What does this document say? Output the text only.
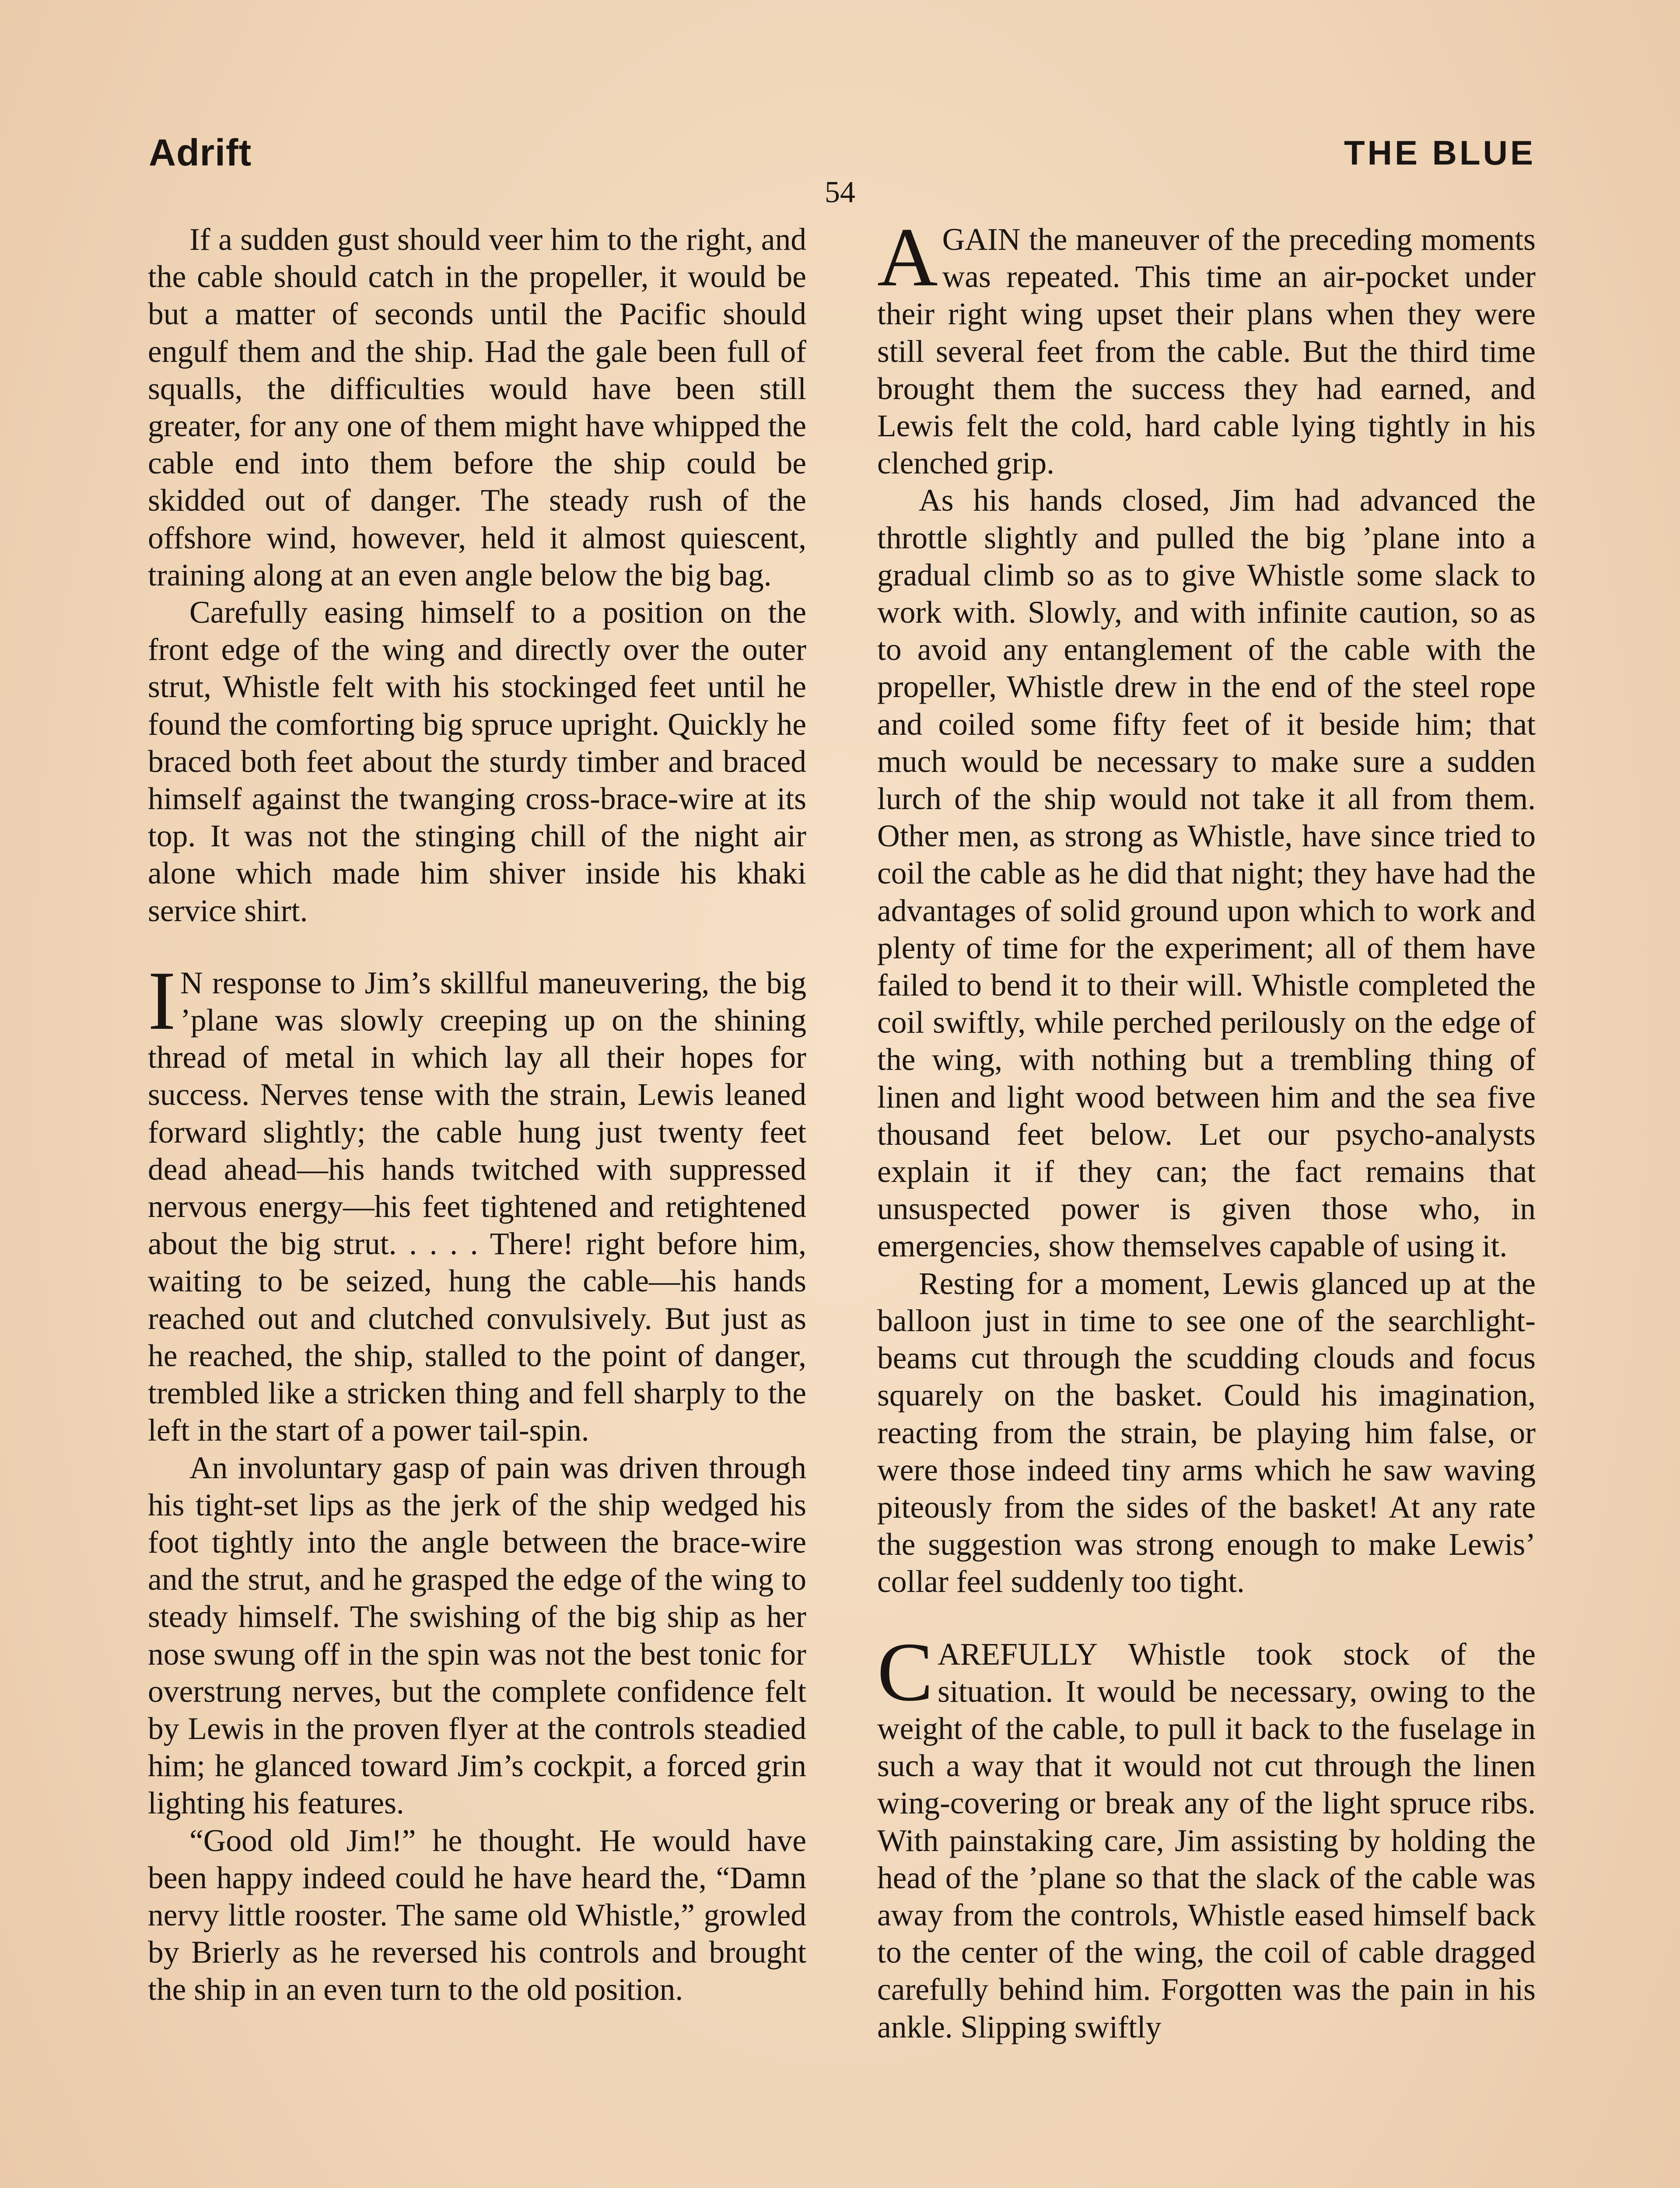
Adrift	THE BLUE
54

If a sudden gust should veer him to the right, and the cable should catch in the propeller, it would be but a matter of seconds until the Pacific should engulf them and the ship. Had the gale been full of squalls, the difficulties would have been still greater, for any one of them might have whipped the cable end into them before the ship could be skidded out of danger. The steady rush of the offshore wind, however, held it almost quiescent, training along at an even angle below the big bag.

Carefully easing himself to a position on the front edge of the wing and directly over the outer strut, Whistle felt with his stockinged feet until he found the comforting big spruce upright. Quickly he braced both feet about the sturdy timber and braced himself against the twanging cross-brace-wire at its top. It was not the stinging chill of the night air alone which made him shiver inside his khaki service shirt.

I N response to Jim’s skillful maneuvering, the big ’plane was slowly creeping up on the shining thread of metal in which lay all their hopes for success. Nerves tense with the strain, Lewis leaned forward slightly; the cable hung just twenty feet dead ahead—his hands twitched with suppressed nervous energy—his feet tightened and retightened about the big strut. . . . . There! right before him, waiting to be seized, hung the cable—his hands reached out and clutched convulsively. But just as he reached, the ship, stalled to the point of danger, trembled like a stricken thing and fell sharply to the left in the start of a power tail-spin.

An involuntary gasp of pain was driven through his tight-set lips as the jerk of the ship wedged his foot tightly into the angle between the brace-wire and the strut, and he grasped the edge of the wing to steady himself. The swishing of the big ship as her nose swung off in the spin was not the best tonic for overstrung nerves, but the complete confidence felt by Lewis in the proven flyer at the controls steadied him; he glanced toward Jim’s cockpit, a forced grin lighting his features.

“Good old Jim!” he thought. He would have been happy indeed could he have heard the, “Damn nervy little rooster. The same old Whistle,” growled by Brierly as he reversed his controls and brought the ship in an even turn to the old position.

AGAIN the maneuver of the preceding moments was repeated. This time an air-pocket under their right wing upset their plans when they were still several feet from the cable. But the third time brought them the success they had earned, and Lewis felt the cold, hard cable lying tightly in his clenched grip.

As his hands closed, Jim had advanced the throttle slightly and pulled the big ’plane into a gradual climb so as to give Whistle some slack to work with. Slowly, and with infinite caution, so as to avoid any entanglement of the cable with the propeller, Whistle drew in the end of the steel rope and coiled some fifty feet of it beside him; that much would be necessary to make sure a sudden lurch of the ship would not take it all from them. Other men, as strong as Whistle, have since tried to coil the cable as he did that night; they have had the advantages of solid ground upon which to work and plenty of time for the experiment; all of them have failed to bend it to their will. Whistle completed the coil swiftly, while perched perilously on the edge of the wing, with nothing but a trembling thing of linen and light wood between him and the sea five thousand feet below. Let our psycho-analysts explain it if they can; the fact remains that unsuspected power is given those who, in emergencies, show themselves capable of using it.

Resting for a moment, Lewis glanced up at the balloon just in time to see one of the searchlight-beams cut through the scudding clouds and focus squarely on the basket. Could his imagination, reacting from the strain, be playing him false, or were those indeed tiny arms which he saw waving piteously from the sides of the basket! At any rate the suggestion was strong enough to make Lewis’ collar feel suddenly too tight.

CAREFULLY Whistle took stock of the situation. It would be necessary, owing to the weight of the cable, to pull it back to the fuselage in such a way that it would not cut through the linen wing-covering or break any of the light spruce ribs. With painstaking care, Jim assisting by holding the head of the ’plane so that the slack of the cable was away from the controls, Whistle eased himself back to the center of the wing, the coil of cable dragged carefully behind him. Forgotten was the pain in his ankle. Slipping swiftly
